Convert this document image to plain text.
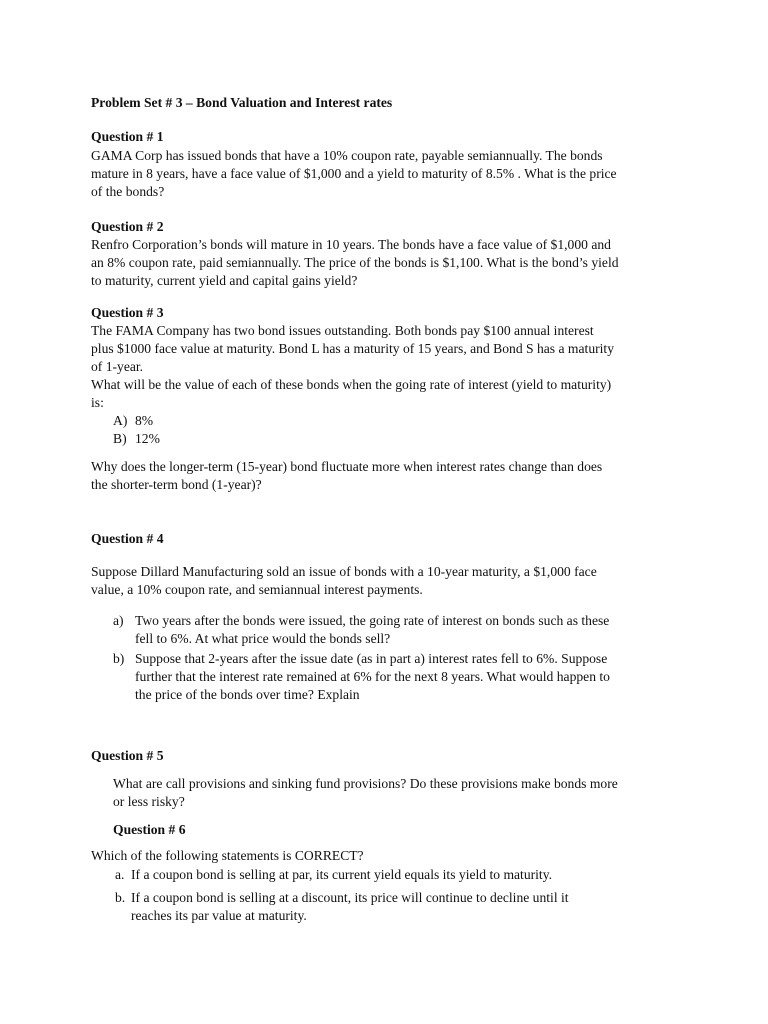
Problem Set # 3 – Bond Valuation and Interest rates
Question # 1
GAMA Corp has issued bonds that have a 10% coupon rate, payable semiannually. The bonds
mature in 8 years, have a face value of $1,000 and a yield to maturity of 8.5% . What is the price
of the bonds?
Question # 2
Renfro Corporation’s bonds will mature in 10 years. The bonds have a face value of $1,000 and
an 8% coupon rate, paid semiannually. The price of the bonds is $1,100. What is the bond’s yield
to maturity, current yield and capital gains yield?
Question # 3
The FAMA Company has two bond issues outstanding. Both bonds pay $100 annual interest
plus $1000 face value at maturity. Bond L has a maturity of 15 years, and Bond S has a maturity
of 1-year.
What will be the value of each of these bonds when the going rate of interest (yield to maturity)
is:
A) 8%
B) 12%
Why does the longer-term (15-year) bond fluctuate more when interest rates change than does
the shorter-term bond (1-year)?
Question # 4
Suppose Dillard Manufacturing sold an issue of bonds with a 10-year maturity, a $1,000 face
value, a 10% coupon rate, and semiannual interest payments.
a) Two years after the bonds were issued, the going rate of interest on bonds such as these
fell to 6%. At what price would the bonds sell?
b) Suppose that 2-years after the issue date (as in part a) interest rates fell to 6%. Suppose
further that the interest rate remained at 6% for the next 8 years. What would happen to
the price of the bonds over time? Explain
Question # 5
What are call provisions and sinking fund provisions? Do these provisions make bonds more
or less risky?
Question # 6
Which of the following statements is CORRECT?
a. If a coupon bond is selling at par, its current yield equals its yield to maturity.
b. If a coupon bond is selling at a discount, its price will continue to decline until it
reaches its par value at maturity.
